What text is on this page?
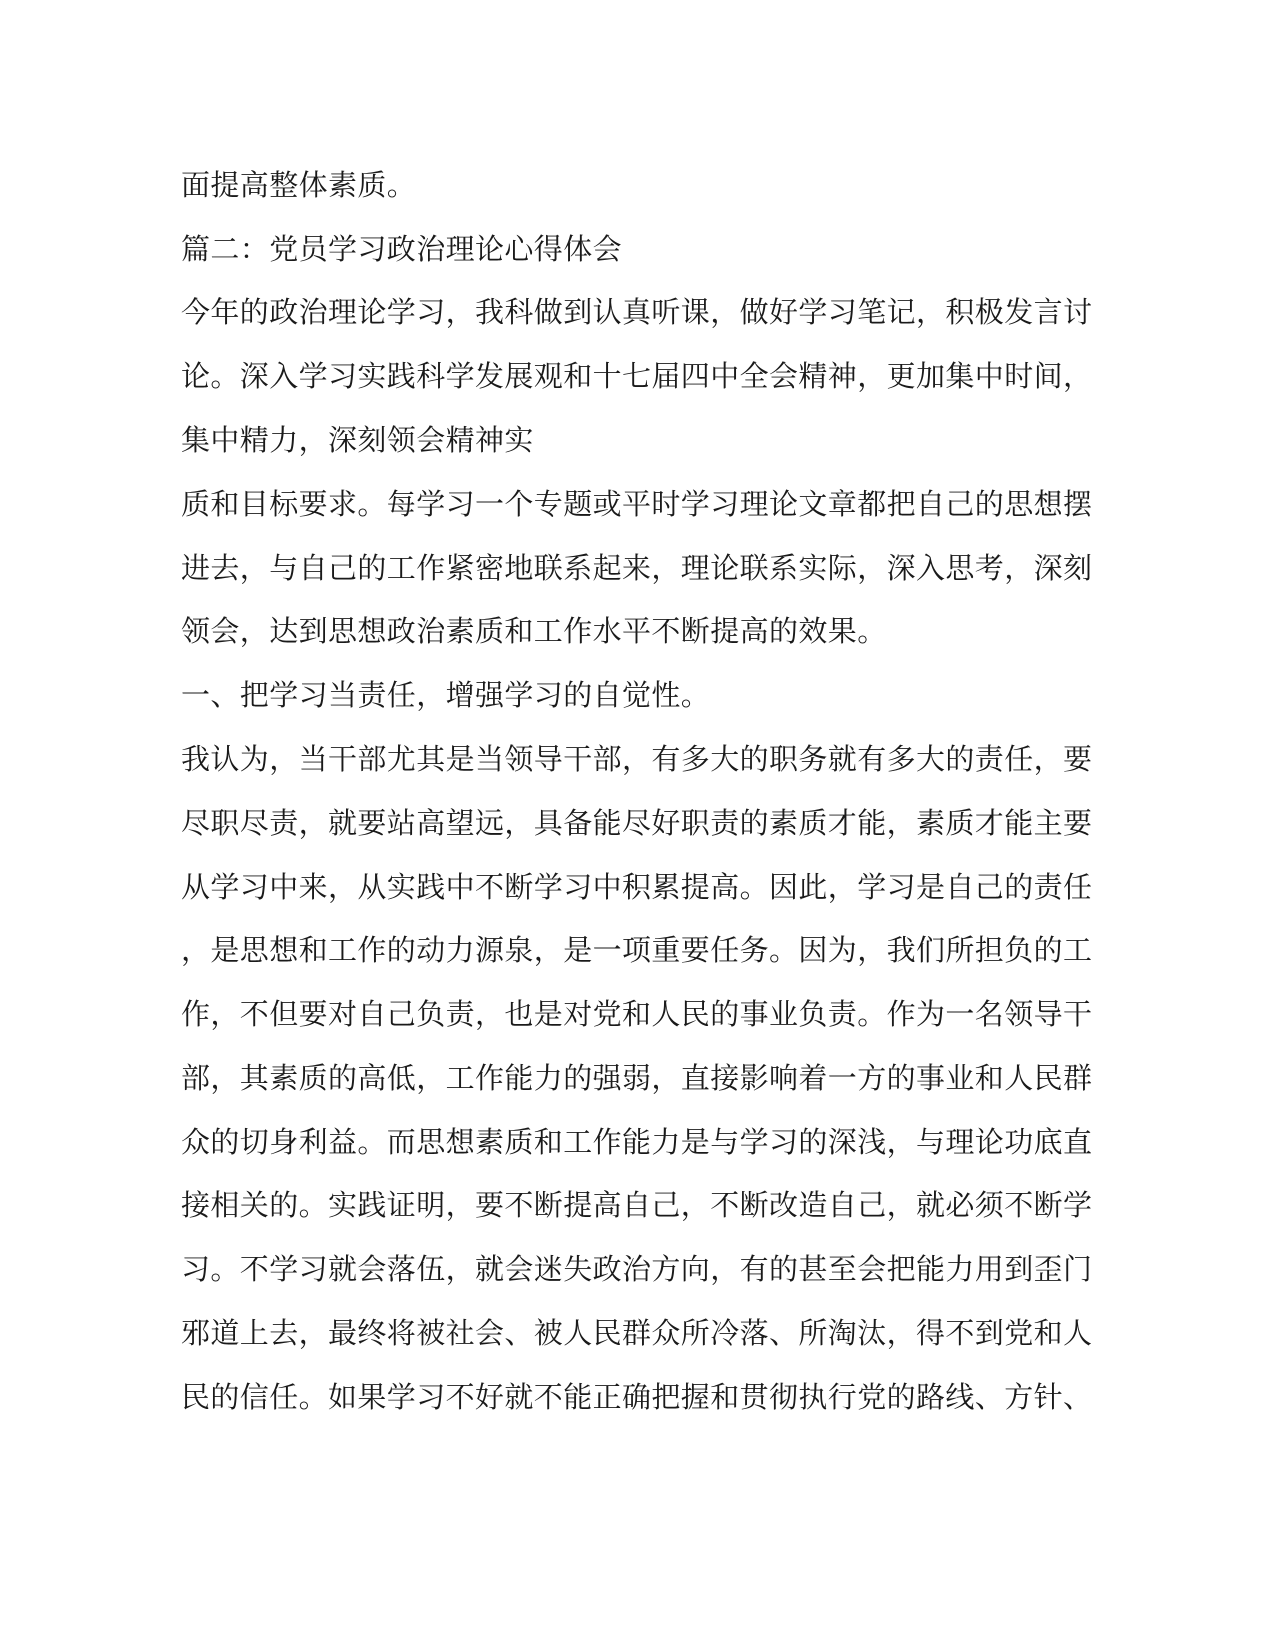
面提高整体素质。
篇二：党员学习政治理论心得体会
今年的政治理论学习，我科做到认真听课，做好学习笔记，积极发言讨
论。深入学习实践科学发展观和十七届四中全会精神，更加集中时间，
集中精力，深刻领会精神实
质和目标要求。每学习一个专题或平时学习理论文章都把自己的思想摆
进去，与自己的工作紧密地联系起来，理论联系实际，深入思考，深刻
领会，达到思想政治素质和工作水平不断提高的效果。
一、把学习当责任，增强学习的自觉性。
我认为，当干部尤其是当领导干部，有多大的职务就有多大的责任，要
尽职尽责，就要站高望远，具备能尽好职责的素质才能，素质才能主要
从学习中来，从实践中不断学习中积累提高。因此，学习是自己的责任
，是思想和工作的动力源泉，是一项重要任务。因为，我们所担负的工
作，不但要对自己负责，也是对党和人民的事业负责。作为一名领导干
部，其素质的高低，工作能力的强弱，直接影响着一方的事业和人民群
众的切身利益。而思想素质和工作能力是与学习的深浅，与理论功底直
接相关的。实践证明，要不断提高自己，不断改造自己，就必须不断学
习。不学习就会落伍，就会迷失政治方向，有的甚至会把能力用到歪门
邪道上去，最终将被社会、被人民群众所冷落、所淘汰，得不到党和人
民的信任。如果学习不好就不能正确把握和贯彻执行党的路线、方针、
